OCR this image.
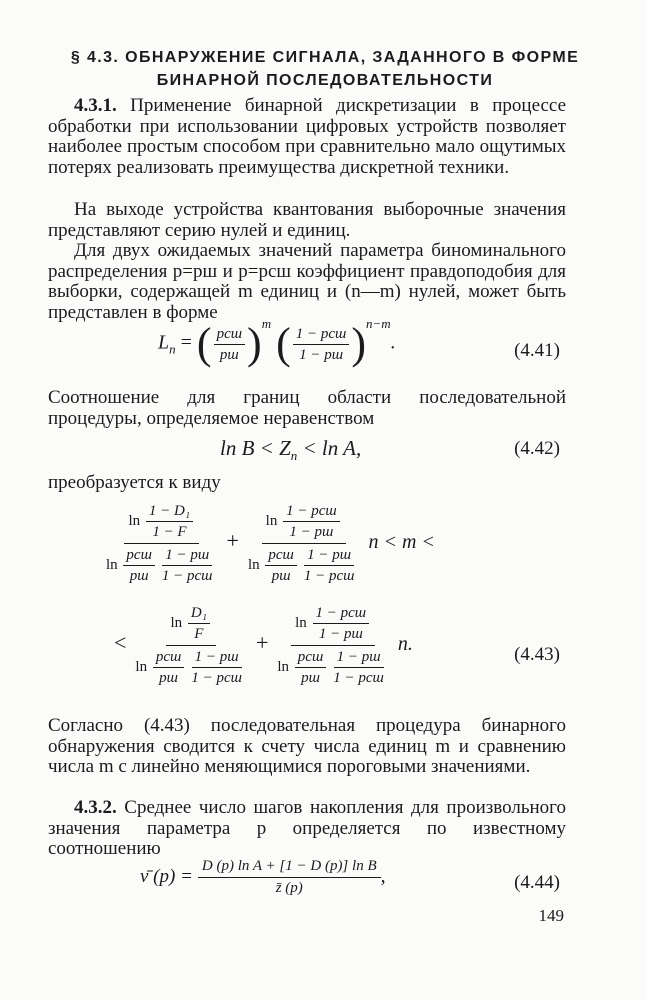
§ 4.3. ОБНАРУЖЕНИЕ СИГНАЛА, ЗАДАННОГО В ФОРМЕ
БИНАРНОЙ ПОСЛЕДОВАТЕЛЬНОСТИ
4.3.1. Применение бинарной дискретизации в процессе обработки при использовании цифровых устройств позволяет наиболее простым способом при сравнительно мало ощутимых потерях реализовать преимущества дискретной техники.
На выходе устройства квантования выборочные значения представляют серию нулей и единиц.
Для двух ожидаемых значений параметра биноминального распределения p=pш и p=pсш коэффициент правдоподобия для выборки, содержащей m единиц и (n—m) нулей, может быть представлен в форме
$L_n$ = ( $\frac{\text{pсш}}{pш} )^m$ ( $\frac{\text{1 − pсш}}{1 - pш} )^{n-m}$.	(4.41)
Соотношение для границ области последовательной процедуры, определяемое неравенством
$\ln B < Z_n < \ln A$,	(4.42)
преобразуется к виду
$\frac{\ln \frac{\text{1 − D₁}}{1 - F}}{\ln \frac{\text{pсш}}{pш} \frac{1 - pш}{\text{1 − pсш}}} + \frac{\ln \frac{\text{1 − pсш}}{1 - pш}}{\ln \frac{\text{pсш}}{pш} \frac{1 - pш}{\text{1 − pсш}}}$ n < m <
< $\frac{\ln \frac{\text{D₁}}{F}}{\ln \frac{\text{pсш}}{pш} \frac{1 - pш}{\text{1 − pсш}}} + \frac{\ln \frac{\text{1 − pсш}}{1 - pш}}{\ln \frac{\text{pсш}}{pш} \frac{1 - pш}{\text{1 − pсш}}} n$.	(4.43)
Согласно (4.43) последовательная процедура бинарного обнаружения сводится к счету числа единиц m и сравнению числа m с линейно меняющимися пороговыми значениями.
4.3.2. Среднее число шагов накопления для произвольного значения параметра p определяется по известному соотношению
ν̄ $(p) = \frac{\text{D (p) ln A + [1 − D (p)] ln B}}{z̄ (p)}$ ,	(4.44)
149
